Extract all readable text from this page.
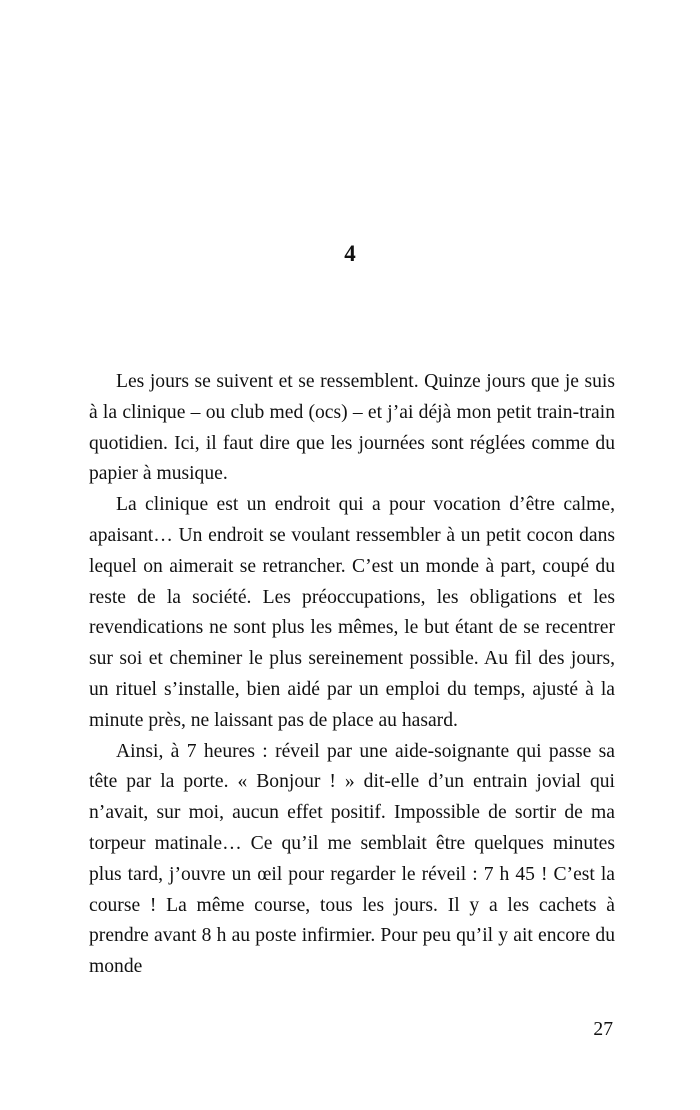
4

Les jours se suivent et se ressemblent. Quinze jours que je suis à la clinique – ou club med (ocs) – et j’ai déjà mon petit train-train quotidien. Ici, il faut dire que les journées sont réglées comme du papier à musique.

La clinique est un endroit qui a pour vocation d’être calme, apaisant… Un endroit se voulant ressembler à un petit cocon dans lequel on aimerait se retrancher. C’est un monde à part, coupé du reste de la société. Les préoccupations, les obligations et les revendications ne sont plus les mêmes, le but étant de se recentrer sur soi et cheminer le plus sereinement possible. Au fil des jours, un rituel s’installe, bien aidé par un emploi du temps, ajusté à la minute près, ne laissant pas de place au hasard.

Ainsi, à 7 heures : réveil par une aide-soignante qui passe sa tête par la porte. « Bonjour ! » dit-elle d’un entrain jovial qui n’avait, sur moi, aucun effet positif. Impossible de sortir de ma torpeur matinale… Ce qu’il me semblait être quelques minutes plus tard, j’ouvre un œil pour regarder le réveil : 7 h 45 ! C’est la course ! La même course, tous les jours. Il y a les cachets à prendre avant 8 h au poste infirmier. Pour peu qu’il y ait encore du monde

27
